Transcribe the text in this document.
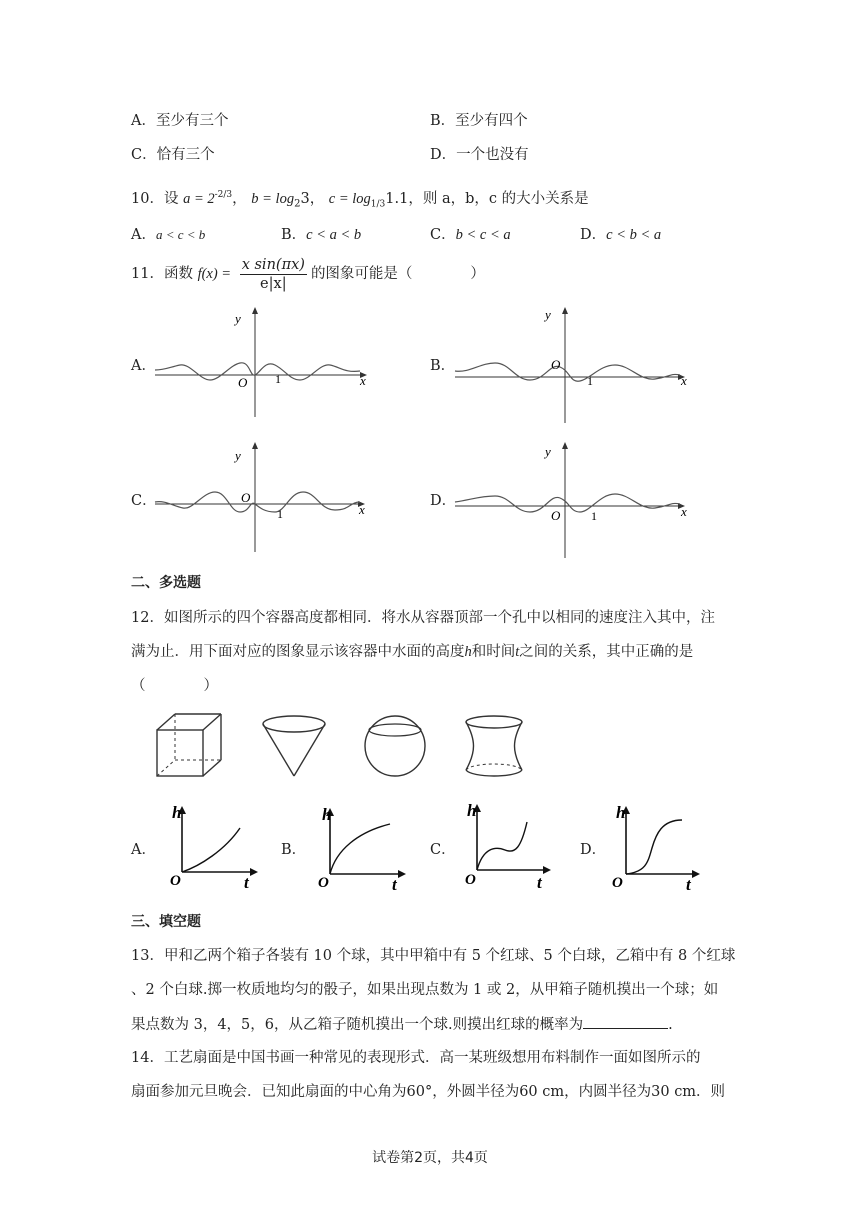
A．至少有三个	B．至少有四个
C．恰有三个	D．一个也没有
10．设 $a = 2^{-2/3}$， $b = \log_23$， $c = \log_{1/3}1.1$，则 a，b，c 的大小关系是
A．a < c < b	B．c < a < b	C．b < c < a	D．c < b < a
11．函数 $f(x) = \frac{\text{x sin(πx)}}{e|x|}$ 的图象可能是（　　　　）
A．	B．
C．	D．
y
x
O 1
y
x
O
1
y
x
O
1
y
x
O	1
二、多选题
12．如图所示的四个容器高度都相同．将水从容器顶部一个孔中以相同的速度注入其中，注
满为止．用下面对应的图象显示该容器中水面的高度h和时间t之间的关系，其中正确的是
（　　　　）
A．	B．	C．	D．
h
t
O
h
t
O
h
t
O
h
t
O
三、填空题
13．甲和乙两个箱子各装有 10 个球，其中甲箱中有 5 个红球、5 个白球，乙箱中有 8 个红球
、2 个白球.掷一枚质地均匀的骰子，如果出现点数为 1 或 2，从甲箱子随机摸出一个球；如
果点数为 3，4，5，6，从乙箱子随机摸出一个球.则摸出红球的概率为	.
14．工艺扇面是中国书画一种常见的表现形式．高一某班级想用布料制作一面如图所示的
扇面参加元旦晚会．已知此扇面的中心角为60°，外圆半径为60 cm，内圆半径为30 cm．则
试卷第2页，共4页
